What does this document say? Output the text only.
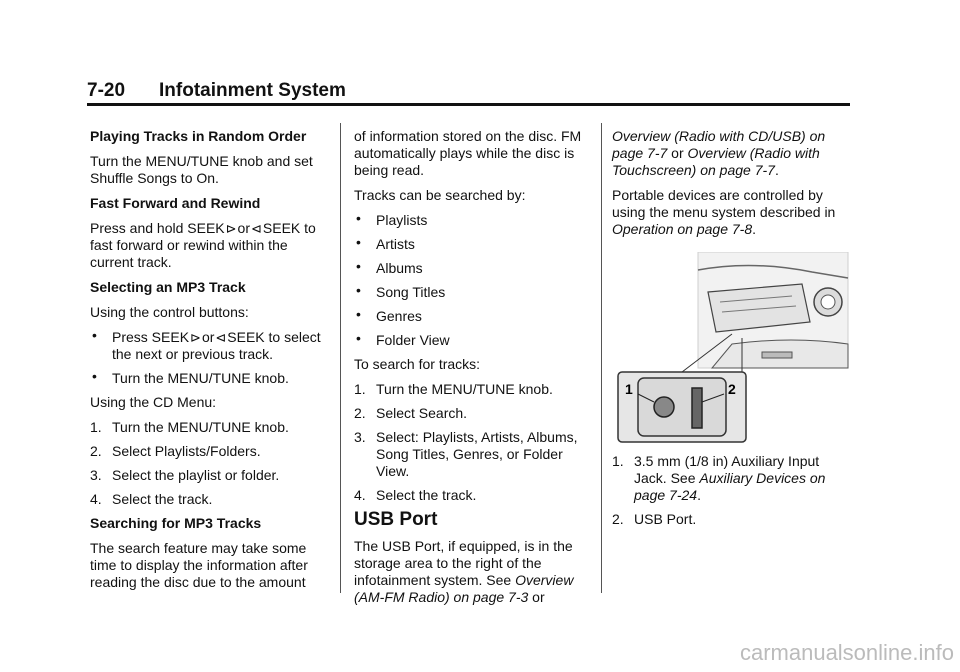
7-20 Infotainment System

Playing Tracks in Random Order

Turn the MENU/TUNE knob and set Shuffle Songs to On.

Fast Forward and Rewind

Press and hold SEEK⊳or⊲SEEK to fast forward or rewind within the current track.

Selecting an MP3 Track

Using the control buttons:

• Press SEEK⊳or⊲SEEK to select the next or previous track.
• Turn the MENU/TUNE knob.

Using the CD Menu:

1. Turn the MENU/TUNE knob.
2. Select Playlists/Folders.
3. Select the playlist or folder.
4. Select the track.

Searching for MP3 Tracks

The search feature may take some time to display the information after reading the disc due to the amount

of information stored on the disc. FM automatically plays while the disc is being read.

Tracks can be searched by:

• Playlists
• Artists
• Albums
• Song Titles
• Genres
• Folder View

To search for tracks:

1. Turn the MENU/TUNE knob.
2. Select Search.
3. Select: Playlists, Artists, Albums, Song Titles, Genres, or Folder View.
4. Select the track.
USB Port

The USB Port, if equipped, is in the storage area to the right of the infotainment system. See Overview (AM-FM Radio) on page 7-3 or

Overview (Radio with CD/USB) on page 7-7 or Overview (Radio with Touchscreen) on page 7-7.

Portable devices are controlled by using the menu system described in Operation on page 7-8.

1	2
1. 3.5 mm (1/8 in) Auxiliary Input Jack. See Auxiliary Devices on page 7-24.
2. USB Port.
carmanualsonline.info
